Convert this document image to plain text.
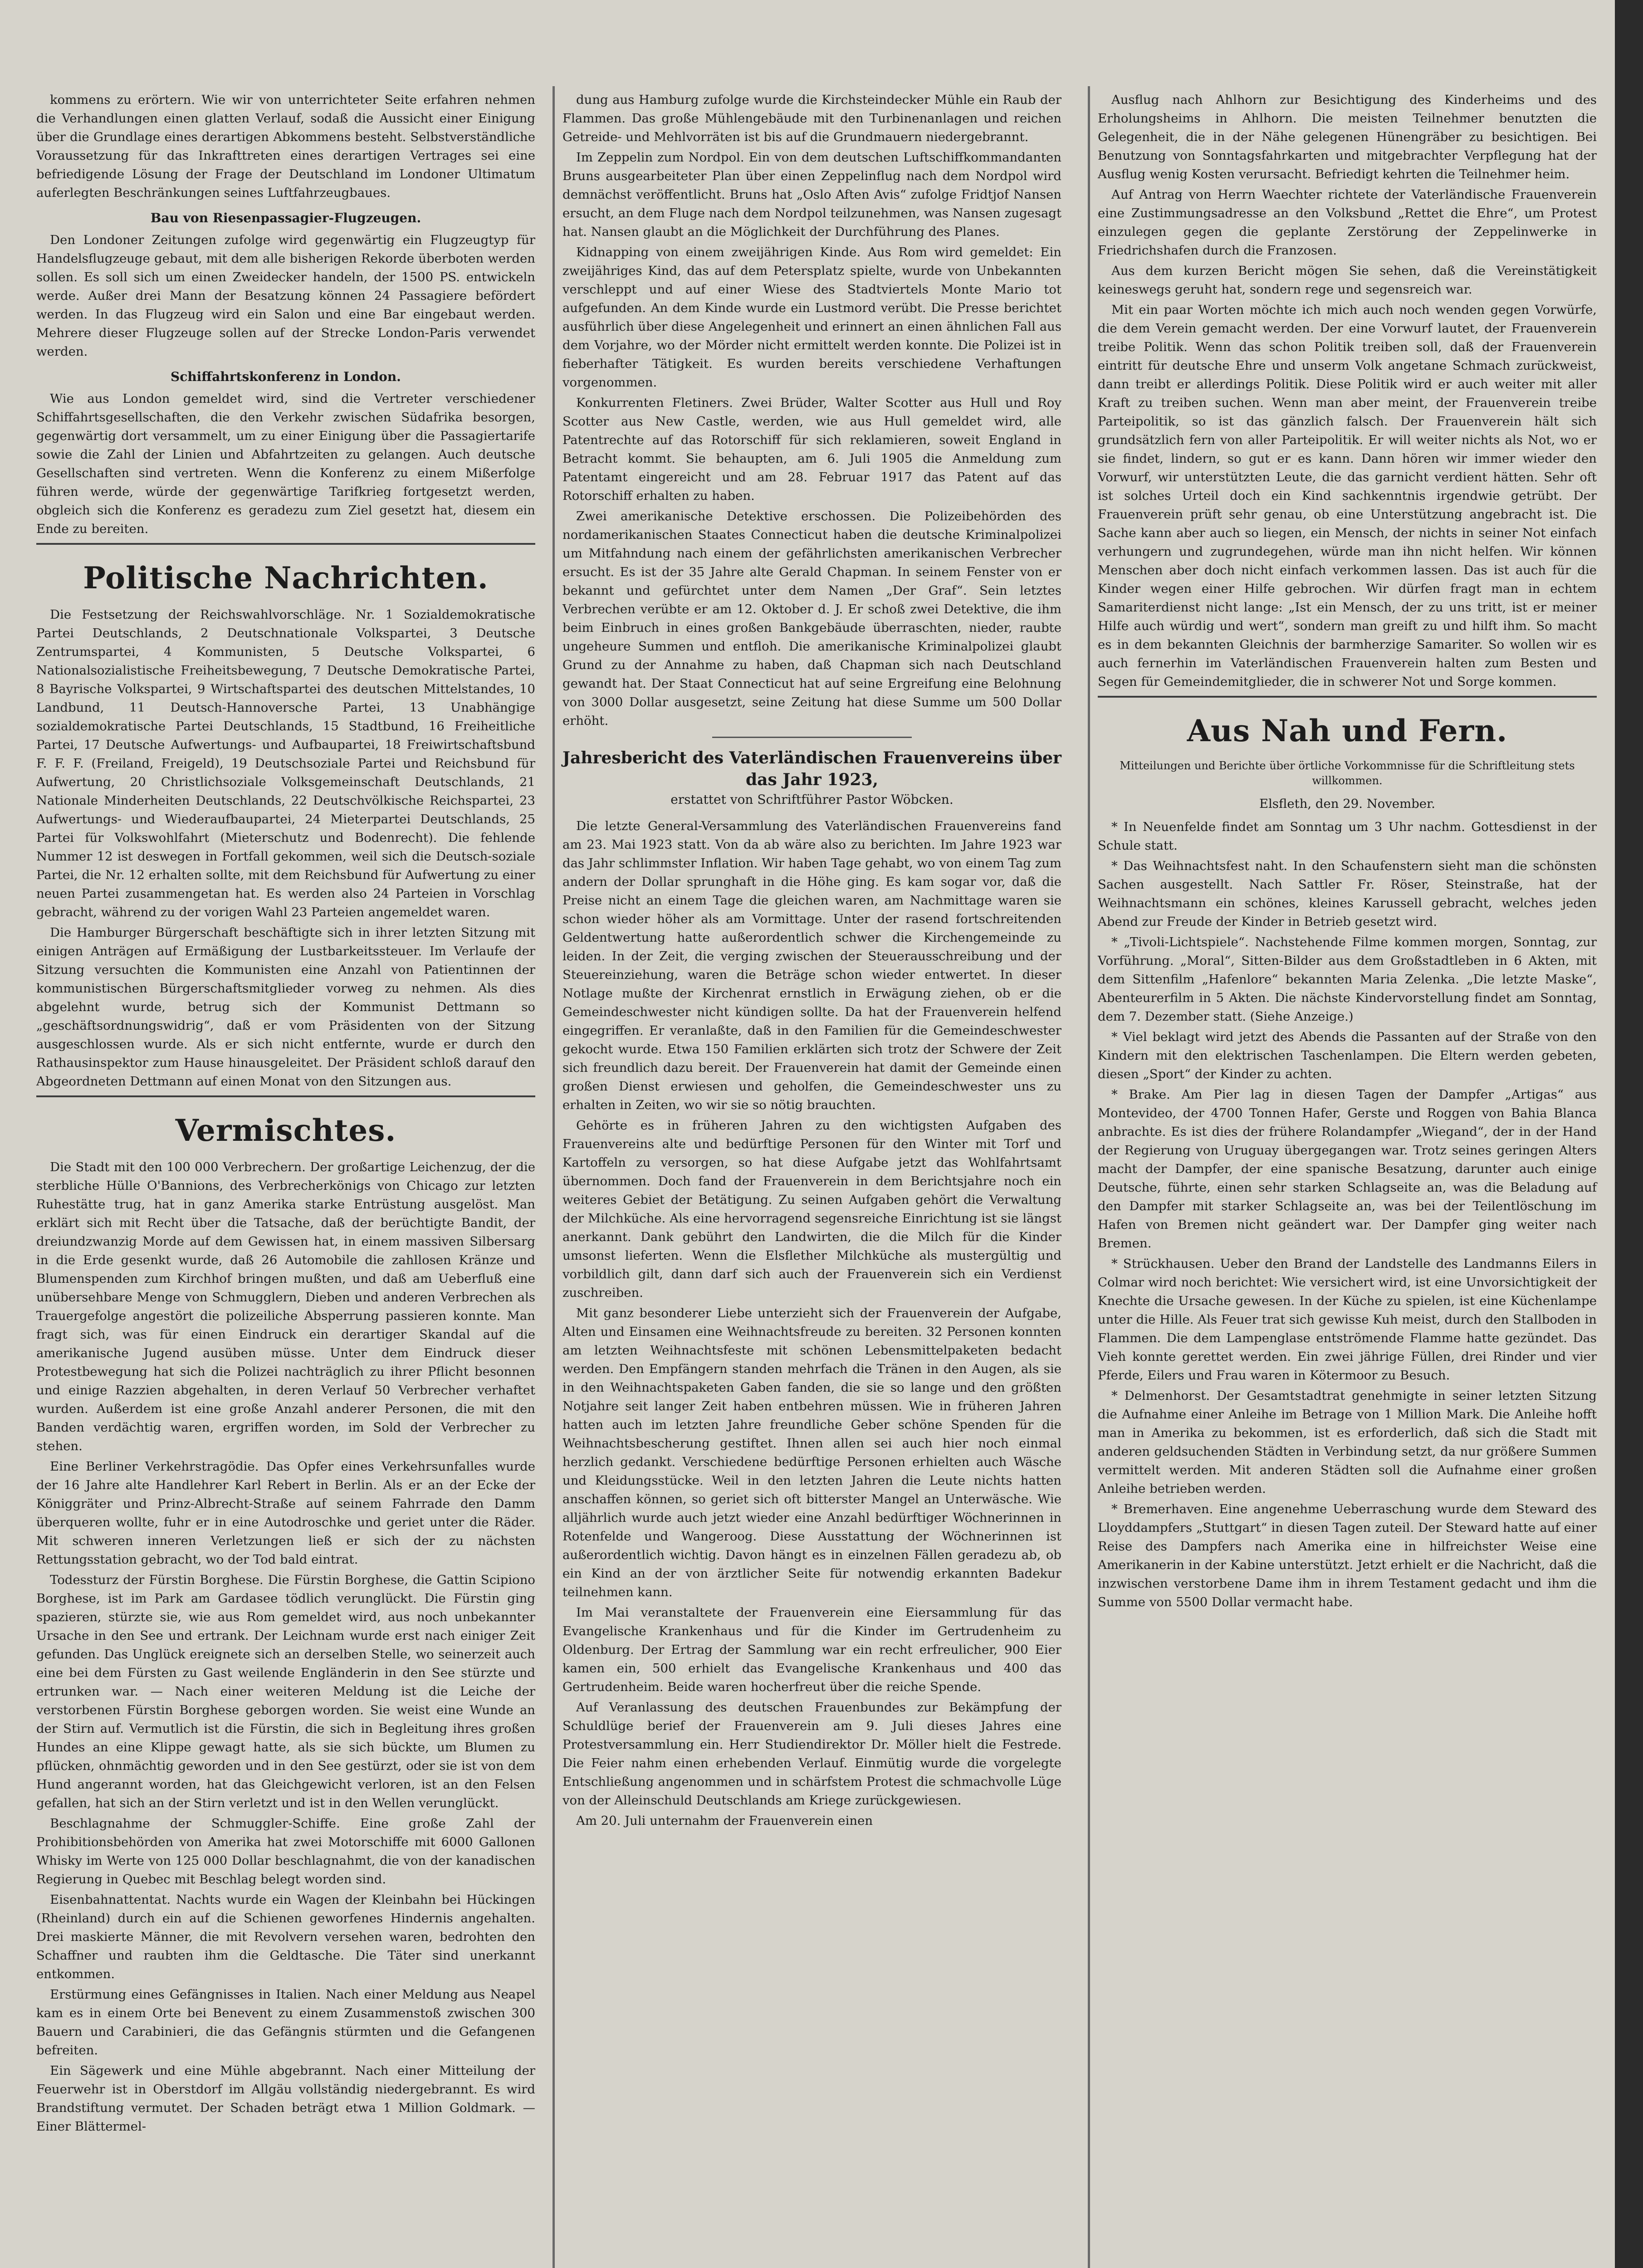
kommens zu erörtern. Wie wir von unterrichteter Seite erfahren nehmen die Verhandlungen einen glatten Verlauf, sodaß die Aussicht einer Einigung über die Grundlage eines derartigen Abkommens besteht. Selbstverständliche Voraussetzung für das Inkrafttreten eines derartigen Vertrages sei eine befriedigende Lösung der Frage der Deutschland im Londoner Ultimatum auferlegten Beschränkungen seines Luftfahrzeugbaues.

Bau von Riesenpassagier-Flugzeugen.

Den Londoner Zeitungen zufolge wird gegenwärtig ein Flugzeugtyp für Handelsflugzeuge gebaut, mit dem alle bisherigen Rekorde überboten werden sollen. Es soll sich um einen Zweidecker handeln, der 1500 PS. entwickeln werde. Außer drei Mann der Besatzung können 24 Passagiere befördert werden. In das Flugzeug wird ein Salon und eine Bar eingebaut werden. Mehrere dieser Flugzeuge sollen auf der Strecke London-Paris verwendet werden.

Schiffahrtskonferenz in London.

Wie aus London gemeldet wird, sind die Vertreter verschiedener Schiffahrtsgesellschaften, die den Verkehr zwischen Südafrika besorgen, gegenwärtig dort versammelt, um zu einer Einigung über die Passagiertarife sowie die Zahl der Linien und Abfahrtzeiten zu gelangen. Auch deutsche Gesellschaften sind vertreten. Wenn die Konferenz zu einem Mißerfolge führen werde, würde der gegenwärtige Tarifkrieg fortgesetzt werden, obgleich sich die Konferenz es geradezu zum Ziel gesetzt hat, diesem ein Ende zu bereiten.

Politische Nachrichten.

Die Festsetzung der Reichswahlvorschläge. Nr. 1 Sozialdemokratische Partei Deutschlands, 2 Deutschnationale Volkspartei, 3 Deutsche Zentrumspartei, 4 Kommunisten, 5 Deutsche Volkspartei, 6 Nationalsozialistische Freiheitsbewegung, 7 Deutsche Demokratische Partei, 8 Bayrische Volkspartei, 9 Wirtschaftspartei des deutschen Mittelstandes, 10 Landbund, 11 Deutsch-Hannoversche Partei, 13 Unabhängige sozialdemokratische Partei Deutschlands, 15 Stadtbund, 16 Freiheitliche Partei, 17 Deutsche Aufwertungs- und Aufbaupartei, 18 Freiwirtschaftsbund F. F. F. (Freiland, Freigeld), 19 Deutschsoziale Partei und Reichsbund für Aufwertung, 20 Christlichsoziale Volksgemeinschaft Deutschlands, 21 Nationale Minderheiten Deutschlands, 22 Deutschvölkische Reichspartei, 23 Aufwertungs- und Wiederaufbaupartei, 24 Mieterpartei Deutschlands, 25 Partei für Volkswohlfahrt (Mieterschutz und Bodenrecht). Die fehlende Nummer 12 ist deswegen in Fortfall gekommen, weil sich die Deutsch-soziale Partei, die Nr. 12 erhalten sollte, mit dem Reichsbund für Aufwertung zu einer neuen Partei zusammengetan hat. Es werden also 24 Parteien in Vorschlag gebracht, während zu der vorigen Wahl 23 Parteien angemeldet waren.

Die Hamburger Bürgerschaft beschäftigte sich in ihrer letzten Sitzung mit einigen Anträgen auf Ermäßigung der Lustbarkeitssteuer. Im Verlaufe der Sitzung versuchten die Kommunisten eine Anzahl von Patientinnen der kommunistischen Bürgerschaftsmitglieder vorweg zu nehmen. Als dies abgelehnt wurde, betrug sich der Kommunist Dettmann so „geschäftsordnungswidrig“, daß er vom Präsidenten von der Sitzung ausgeschlossen wurde. Als er sich nicht entfernte, wurde er durch den Rathausinspektor zum Hause hinausgeleitet. Der Präsident schloß darauf den Abgeordneten Dettmann auf einen Monat von den Sitzungen aus.

Vermischtes.

Die Stadt mit den 100 000 Verbrechern. Der großartige Leichenzug, der die sterbliche Hülle O'Bannions, des Verbrecherkönigs von Chicago zur letzten Ruhestätte trug, hat in ganz Amerika starke Entrüstung ausgelöst. Man erklärt sich mit Recht über die Tatsache, daß der berüchtigte Bandit, der dreiundzwanzig Morde auf dem Gewissen hat, in einem massiven Silbersarg in die Erde gesenkt wurde, daß 26 Automobile die zahllosen Kränze und Blumenspenden zum Kirchhof bringen mußten, und daß am Ueberfluß eine unübersehbare Menge von Schmugglern, Dieben und anderen Verbrechen als Trauergefolge angestört die polizeiliche Absperrung passieren konnte. Man fragt sich, was für einen Eindruck ein derartiger Skandal auf die amerikanische Jugend ausüben müsse. Unter dem Eindruck dieser Protestbewegung hat sich die Polizei nachträglich zu ihrer Pflicht besonnen und einige Razzien abgehalten, in deren Verlauf 50 Verbrecher verhaftet wurden. Außerdem ist eine große Anzahl anderer Personen, die mit den Banden verdächtig waren, ergriffen worden, im Sold der Verbrecher zu stehen.

Eine Berliner Verkehrstragödie. Das Opfer eines Verkehrsunfalles wurde der 16 Jahre alte Handlehrer Karl Rebert in Berlin. Als er an der Ecke der Königgräter und Prinz-Albrecht-Straße auf seinem Fahrrade den Damm überqueren wollte, fuhr er in eine Autodroschke und geriet unter die Räder. Mit schweren inneren Verletzungen ließ er sich der zu nächsten Rettungsstation gebracht, wo der Tod bald eintrat.

Todessturz der Fürstin Borghese. Die Fürstin Borghese, die Gattin Scipiono Borghese, ist im Park am Gardasee tödlich verunglückt. Die Fürstin ging spazieren, stürzte sie, wie aus Rom gemeldet wird, aus noch unbekannter Ursache in den See und ertrank. Der Leichnam wurde erst nach einiger Zeit gefunden. Das Unglück ereignete sich an derselben Stelle, wo seinerzeit auch eine bei dem Fürsten zu Gast weilende Engländerin in den See stürzte und ertrunken war. — Nach einer weiteren Meldung ist die Leiche der verstorbenen Fürstin Borghese geborgen worden. Sie weist eine Wunde an der Stirn auf. Vermutlich ist die Fürstin, die sich in Begleitung ihres großen Hundes an eine Klippe gewagt hatte, als sie sich bückte, um Blumen zu pflücken, ohnmächtig geworden und in den See gestürzt, oder sie ist von dem Hund angerannt worden, hat das Gleichgewicht verloren, ist an den Felsen gefallen, hat sich an der Stirn verletzt und ist in den Wellen verunglückt.

Beschlagnahme der Schmuggler-Schiffe. Eine große Zahl der Prohibitionsbehörden von Amerika hat zwei Motorschiffe mit 6000 Gallonen Whisky im Werte von 125 000 Dollar beschlagnahmt, die von der kanadischen Regierung in Quebec mit Beschlag belegt worden sind.

Eisenbahnattentat. Nachts wurde ein Wagen der Kleinbahn bei Hückingen (Rheinland) durch ein auf die Schienen geworfenes Hindernis angehalten. Drei maskierte Männer, die mit Revolvern versehen waren, bedrohten den Schaffner und raubten ihm die Geldtasche. Die Täter sind unerkannt entkommen.

Erstürmung eines Gefängnisses in Italien. Nach einer Meldung aus Neapel kam es in einem Orte bei Benevent zu einem Zusammenstoß zwischen 300 Bauern und Carabinieri, die das Gefängnis stürmten und die Gefangenen befreiten.

Ein Sägewerk und eine Mühle abgebrannt. Nach einer Mitteilung der Feuerwehr ist in Oberstdorf im Allgäu vollständig niedergebrannt. Es wird Brandstiftung vermutet. Der Schaden beträgt etwa 1 Million Goldmark. — Einer Blättermel-

dung aus Hamburg zufolge wurde die Kirchsteindecker Mühle ein Raub der Flammen. Das große Mühlengebäude mit den Turbinenanlagen und reichen Getreide- und Mehlvorräten ist bis auf die Grundmauern niedergebrannt.

Im Zeppelin zum Nordpol. Ein von dem deutschen Luftschiffkommandanten Bruns ausgearbeiteter Plan über einen Zeppelinflug nach dem Nordpol wird demnächst veröffentlicht. Bruns hat „Oslo Aften Avis“ zufolge Fridtjof Nansen ersucht, an dem Fluge nach dem Nordpol teilzunehmen, was Nansen zugesagt hat. Nansen glaubt an die Möglichkeit der Durchführung des Planes.

Kidnapping von einem zweijährigen Kinde. Aus Rom wird gemeldet: Ein zweijähriges Kind, das auf dem Petersplatz spielte, wurde von Unbekannten verschleppt und auf einer Wiese des Stadtviertels Monte Mario tot aufgefunden. An dem Kinde wurde ein Lustmord verübt. Die Presse berichtet ausführlich über diese Angelegenheit und erinnert an einen ähnlichen Fall aus dem Vorjahre, wo der Mörder nicht ermittelt werden konnte. Die Polizei ist in fieberhafter Tätigkeit. Es wurden bereits verschiedene Verhaftungen vorgenommen.

Konkurrenten Fletiners. Zwei Brüder, Walter Scotter aus Hull und Roy Scotter aus New Castle, werden, wie aus Hull gemeldet wird, alle Patentrechte auf das Rotorschiff für sich reklamieren, soweit England in Betracht kommt. Sie behaupten, am 6. Juli 1905 die Anmeldung zum Patentamt eingereicht und am 28. Februar 1917 das Patent auf das Rotorschiff erhalten zu haben.

Zwei amerikanische Detektive erschossen. Die Polizeibehörden des nordamerikanischen Staates Connecticut haben die deutsche Kriminalpolizei um Mitfahndung nach einem der gefährlichsten amerikanischen Verbrecher ersucht. Es ist der 35 Jahre alte Gerald Chapman. In seinem Fenster von er bekannt und gefürchtet unter dem Namen „Der Graf“. Sein letztes Verbrechen verübte er am 12. Oktober d. J. Er schoß zwei Detektive, die ihm beim Einbruch in eines großen Bankgebäude überraschten, nieder, raubte ungeheure Summen und entfloh. Die amerikanische Kriminalpolizei glaubt Grund zu der Annahme zu haben, daß Chapman sich nach Deutschland gewandt hat. Der Staat Connecticut hat auf seine Ergreifung eine Belohnung von 3000 Dollar ausgesetzt, seine Zeitung hat diese Summe um 500 Dollar erhöht.

Jahresbericht des Vaterländischen Frauenvereins über das Jahr 1923,
erstattet von Schriftführer Pastor Wöbcken.

Die letzte General-Versammlung des Vaterländischen Frauenvereins fand am 23. Mai 1923 statt. Von da ab wäre also zu berichten. Im Jahre 1923 war das Jahr schlimmster Inflation. Wir haben Tage gehabt, wo von einem Tag zum andern der Dollar sprunghaft in die Höhe ging. Es kam sogar vor, daß die Preise nicht an einem Tage die gleichen waren, am Nachmittage waren sie schon wieder höher als am Vormittage. Unter der rasend fortschreitenden Geldentwertung hatte außerordentlich schwer die Kirchengemeinde zu leiden. In der Zeit, die verging zwischen der Steuerausschreibung und der Steuereinziehung, waren die Beträge schon wieder entwertet. In dieser Notlage mußte der Kirchenrat ernstlich in Erwägung ziehen, ob er die Gemeindeschwester nicht kündigen sollte. Da hat der Frauenverein helfend eingegriffen. Er veranlaßte, daß in den Familien für die Gemeindeschwester gekocht wurde. Etwa 150 Familien erklärten sich trotz der Schwere der Zeit sich freundlich dazu bereit. Der Frauenverein hat damit der Gemeinde einen großen Dienst erwiesen und geholfen, die Gemeindeschwester uns zu erhalten in Zeiten, wo wir sie so nötig brauchten.

Gehörte es in früheren Jahren zu den wichtigsten Aufgaben des Frauenvereins alte und bedürftige Personen für den Winter mit Torf und Kartoffeln zu versorgen, so hat diese Aufgabe jetzt das Wohlfahrtsamt übernommen. Doch fand der Frauenverein in dem Berichtsjahre noch ein weiteres Gebiet der Betätigung. Zu seinen Aufgaben gehört die Verwaltung der Milchküche. Als eine hervorragend segensreiche Einrichtung ist sie längst anerkannt. Dank gebührt den Landwirten, die die Milch für die Kinder umsonst lieferten. Wenn die Elsflether Milchküche als mustergültig und vorbildlich gilt, dann darf sich auch der Frauenverein sich ein Verdienst zuschreiben.

Mit ganz besonderer Liebe unterzieht sich der Frauenverein der Aufgabe, Alten und Einsamen eine Weihnachtsfreude zu bereiten. 32 Personen konnten am letzten Weihnachtsfeste mit schönen Lebensmittelpaketen bedacht werden. Den Empfängern standen mehrfach die Tränen in den Augen, als sie in den Weihnachtspaketen Gaben fanden, die sie so lange und den größten Notjahre seit langer Zeit haben entbehren müssen. Wie in früheren Jahren hatten auch im letzten Jahre freundliche Geber schöne Spenden für die Weihnachtsbescherung gestiftet. Ihnen allen sei auch hier noch einmal herzlich gedankt. Verschiedene bedürftige Personen erhielten auch Wäsche und Kleidungsstücke. Weil in den letzten Jahren die Leute nichts hatten anschaffen können, so geriet sich oft bitterster Mangel an Unterwäsche. Wie alljährlich wurde auch jetzt wieder eine Anzahl bedürftiger Wöchnerinnen in Rotenfelde und Wangeroog. Diese Ausstattung der Wöchnerinnen ist außerordentlich wichtig. Davon hängt es in einzelnen Fällen geradezu ab, ob ein Kind an der von ärztlicher Seite für notwendig erkannten Badekur teilnehmen kann.

Im Mai veranstaltete der Frauenverein eine Eiersammlung für das Evangelische Krankenhaus und für die Kinder im Gertrudenheim zu Oldenburg. Der Ertrag der Sammlung war ein recht erfreulicher, 900 Eier kamen ein, 500 erhielt das Evangelische Krankenhaus und 400 das Gertrudenheim. Beide waren hocherfreut über die reiche Spende.

Auf Veranlassung des deutschen Frauenbundes zur Bekämpfung der Schuldlüge berief der Frauenverein am 9. Juli dieses Jahres eine Protestversammlung ein. Herr Studiendirektor Dr. Möller hielt die Festrede. Die Feier nahm einen erhebenden Verlauf. Einmütig wurde die vorgelegte Entschließung angenommen und in schärfstem Protest die schmachvolle Lüge von der Alleinschuld Deutschlands am Kriege zurückgewiesen.

Am 20. Juli unternahm der Frauenverein einen

Ausflug nach Ahlhorn zur Besichtigung des Kinderheims und des Erholungsheims in Ahlhorn. Die meisten Teilnehmer benutzten die Gelegenheit, die in der Nähe gelegenen Hünengräber zu besichtigen. Bei Benutzung von Sonntagsfahrkarten und mitgebrachter Verpflegung hat der Ausflug wenig Kosten verursacht. Befriedigt kehrten die Teilnehmer heim.

Auf Antrag von Herrn Waechter richtete der Vaterländische Frauenverein eine Zustimmungsadresse an den Volksbund „Rettet die Ehre“, um Protest einzulegen gegen die geplante Zerstörung der Zeppelinwerke in Friedrichshafen durch die Franzosen.

Aus dem kurzen Bericht mögen Sie sehen, daß die Vereinstätigkeit keineswegs geruht hat, sondern rege und segensreich war.

Mit ein paar Worten möchte ich mich auch noch wenden gegen Vorwürfe, die dem Verein gemacht werden. Der eine Vorwurf lautet, der Frauenverein treibe Politik. Wenn das schon Politik treiben soll, daß der Frauenverein eintritt für deutsche Ehre und unserm Volk angetane Schmach zurückweist, dann treibt er allerdings Politik. Diese Politik wird er auch weiter mit aller Kraft zu treiben suchen. Wenn man aber meint, der Frauenverein treibe Parteipolitik, so ist das gänzlich falsch. Der Frauenverein hält sich grundsätzlich fern von aller Parteipolitik. Er will weiter nichts als Not, wo er sie findet, lindern, so gut er es kann. Dann hören wir immer wieder den Vorwurf, wir unterstützten Leute, die das garnicht verdient hätten. Sehr oft ist solches Urteil doch ein Kind sachkenntnis irgendwie getrübt. Der Frauenverein prüft sehr genau, ob eine Unterstützung angebracht ist. Die Sache kann aber auch so liegen, ein Mensch, der nichts in seiner Not einfach verhungern und zugrundegehen, würde man ihn nicht helfen. Wir können Menschen aber doch nicht einfach verkommen lassen. Das ist auch für die Kinder wegen einer Hilfe gebrochen. Wir dürfen fragt man in echtem Samariterdienst nicht lange: „Ist ein Mensch, der zu uns tritt, ist er meiner Hilfe auch würdig und wert“, sondern man greift zu und hilft ihm. So macht es in dem bekannten Gleichnis der barmherzige Samariter. So wollen wir es auch fernerhin im Vaterländischen Frauenverein halten zum Besten und Segen für Gemeindemitglieder, die in schwerer Not und Sorge kommen.

Aus Nah und Fern.
Mitteilungen und Berichte über örtliche Vorkommnisse für die Schriftleitung stets willkommen.
Elsfleth, den 29. November.

* In Neuenfelde findet am Sonntag um 3 Uhr nachm. Gottesdienst in der Schule statt.

* Das Weihnachtsfest naht. In den Schaufenstern sieht man die schönsten Sachen ausgestellt. Nach Sattler Fr. Röser, Steinstraße, hat der Weihnachtsmann ein schönes, kleines Karussell gebracht, welches jeden Abend zur Freude der Kinder in Betrieb gesetzt wird.

* „Tivoli-Lichtspiele“. Nachstehende Filme kommen morgen, Sonntag, zur Vorführung. „Moral“, Sitten-Bilder aus dem Großstadtleben in 6 Akten, mit dem Sittenfilm „Hafenlore“ bekannten Maria Zelenka. „Die letzte Maske“, Abenteurerfilm in 5 Akten. Die nächste Kindervorstellung findet am Sonntag, dem 7. Dezember statt. (Siehe Anzeige.)

* Viel beklagt wird jetzt des Abends die Passanten auf der Straße von den Kindern mit den elektrischen Taschenlampen. Die Eltern werden gebeten, diesen „Sport“ der Kinder zu achten.

* Brake. Am Pier lag in diesen Tagen der Dampfer „Artigas“ aus Montevideo, der 4700 Tonnen Hafer, Gerste und Roggen von Bahia Blanca anbrachte. Es ist dies der frühere Rolandampfer „Wiegand“, der in der Hand der Regierung von Uruguay übergegangen war. Trotz seines geringen Alters macht der Dampfer, der eine spanische Besatzung, darunter auch einige Deutsche, führte, einen sehr starken Schlagseite an, was die Beladung auf den Dampfer mit starker Schlagseite an, was bei der Teilentlöschung im Hafen von Bremen nicht geändert war. Der Dampfer ging weiter nach Bremen.

* Strückhausen. Ueber den Brand der Landstelle des Landmanns Eilers in Colmar wird noch berichtet: Wie versichert wird, ist eine Unvorsichtigkeit der Knechte die Ursache gewesen. In der Küche zu spielen, ist eine Küchenlampe unter die Hille. Als Feuer trat sich gewisse Kuh meist, durch den Stallboden in Flammen. Die dem Lampenglase entströmende Flamme hatte gezündet. Das Vieh konnte gerettet werden. Ein zwei jährige Füllen, drei Rinder und vier Pferde, Eilers und Frau waren in Kötermoor zu Besuch.

* Delmenhorst. Der Gesamtstadtrat genehmigte in seiner letzten Sitzung die Aufnahme einer Anleihe im Betrage von 1 Million Mark. Die Anleihe hofft man in Amerika zu bekommen, ist es erforderlich, daß sich die Stadt mit anderen geldsuchenden Städten in Verbindung setzt, da nur größere Summen vermittelt werden. Mit anderen Städten soll die Aufnahme einer großen Anleihe betrieben werden.

* Bremerhaven. Eine angenehme Ueberraschung wurde dem Steward des Lloyddampfers „Stuttgart“ in diesen Tagen zuteil. Der Steward hatte auf einer Reise des Dampfers nach Amerika eine in hilfreichster Weise eine Amerikanerin in der Kabine unterstützt. Jetzt erhielt er die Nachricht, daß die inzwischen verstorbene Dame ihm in ihrem Testament gedacht und ihm die Summe von 5500 Dollar vermacht habe.
